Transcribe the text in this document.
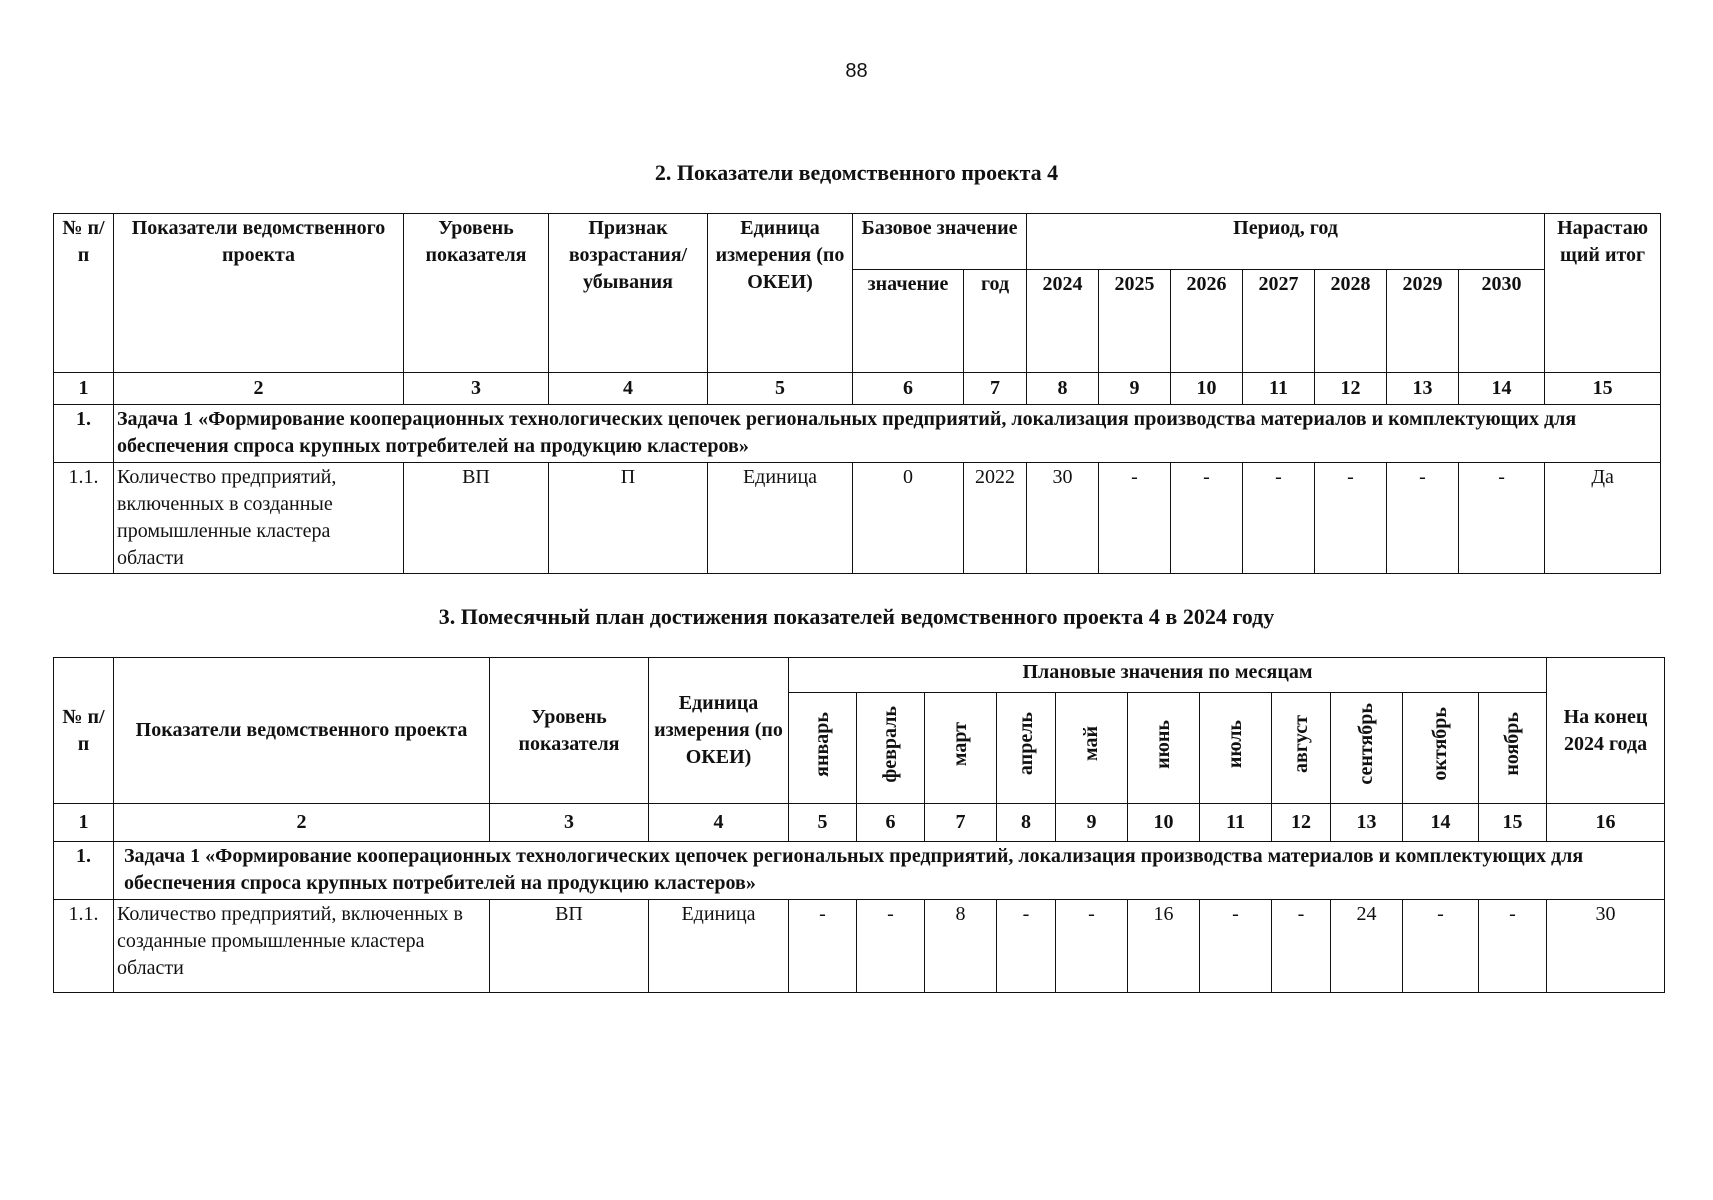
88
2. Показатели ведомственного проекта 4
№ п/п	Показатели ведомственного проекта	Уровень показателя	Признак возрастания/ убывания	Единица измерения (по ОКЕИ)	Базовое значение		Период, год							Нарастаю щий итог
					значение	год	2024	2025	2026	2027	2028	2029	2030	
1	2	3	4	5	6	7	8	9	10	11	12	13	14	15
1.	Задача 1 «Формирование кооперационных технологических цепочек региональных предприятий, локализация производства материалов и комплектующих для обеспечения спроса крупных потребителей на продукцию кластеров»													
1.1.	Количество предприятий, включенных в созданные промышленные кластера области	ВП	П	Единица	0	2022	30	-	-	-	-	-	-	Да
3. Помесячный план достижения показателей ведомственного проекта 4 в 2024 году
№ п/п	Показатели ведомственного проекта	Уровень показателя	Единица измерения (по ОКЕИ)	Плановые значения по месяцам											На конец 2024 года
				январь	февраль	март	апрель	май	июнь	июль	август	сентябрь	октябрь	ноябрь	
1	2	3	4	5	6	7	8	9	10	11	12	13	14	15	16
1.	Задача 1 «Формирование кооперационных технологических цепочек региональных предприятий, локализация производства материалов и комплектующих для обеспечения спроса крупных потребителей на продукцию кластеров»														
1.1.	Количество предприятий, включенных в созданные промышленные кластера области	ВП	Единица	-	-	8	-	-	16	-	-	24	-	-	30
